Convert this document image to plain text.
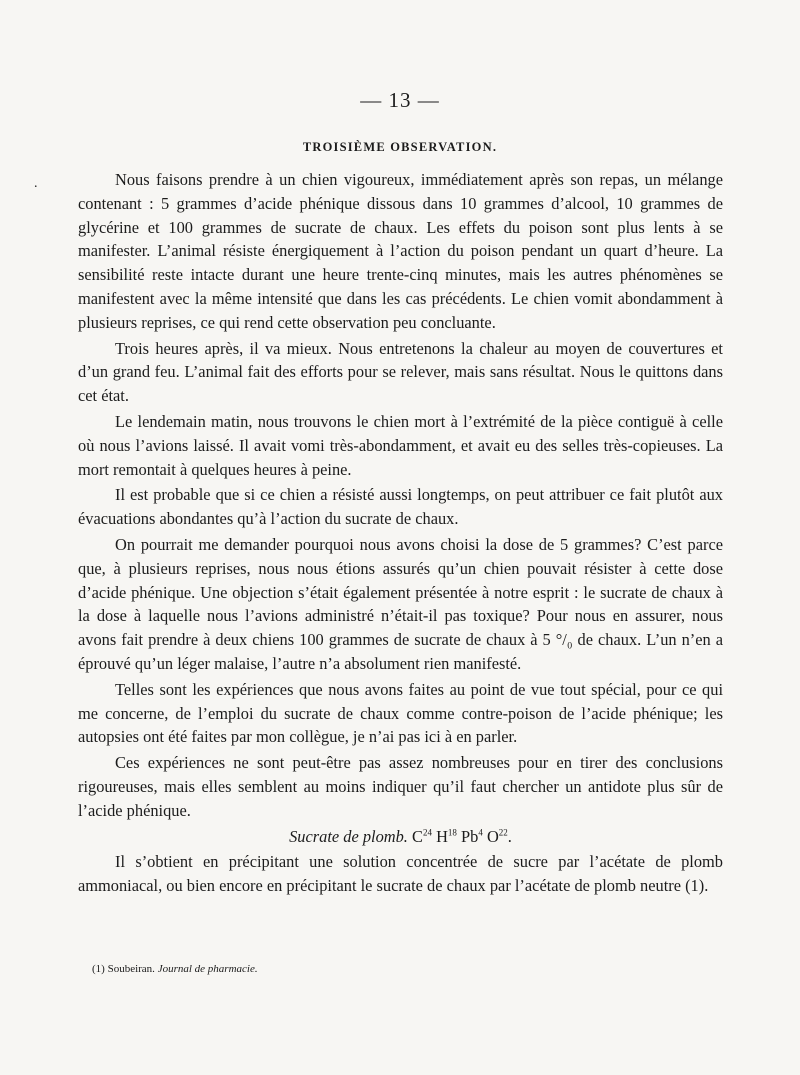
— 13 —
TROISIÈME OBSERVATION.
.	Nous faisons prendre à un chien vigoureux, immédiatement après son repas, un mélange contenant : 5 grammes d’acide phénique dissous dans 10 grammes d’alcool, 10 grammes de glycérine et 100 grammes de sucrate de chaux. Les effets du poison sont plus lents à se manifester. L’animal résiste énergiquement à l’action du poison pendant un quart d’heure. La sensibilité reste intacte durant une heure trente-cinq minutes, mais les autres phénomènes se manifestent avec la même intensité que dans les cas précédents. Le chien vomit abondamment à plusieurs reprises, ce qui rend cette observation peu concluante.

Trois heures après, il va mieux. Nous entretenons la chaleur au moyen de couvertures et d’un grand feu. L’animal fait des efforts pour se relever, mais sans résultat. Nous le quittons dans cet état.

Le lendemain matin, nous trouvons le chien mort à l’extrémité de la pièce contiguë à celle où nous l’avions laissé. Il avait vomi très-abondamment, et avait eu des selles très-copieuses. La mort remontait à quelques heures à peine.

Il est probable que si ce chien a résisté aussi longtemps, on peut attribuer ce fait plutôt aux évacuations abondantes qu’à l’action du sucrate de chaux.

On pourrait me demander pourquoi nous avons choisi la dose de 5 grammes? C’est parce que, à plusieurs reprises, nous nous étions assurés qu’un chien pouvait résister à cette dose d’acide phénique. Une objection s’était également présentée à notre esprit : le sucrate de chaux à la dose à laquelle nous l’avions administré n’était-il pas toxique? Pour nous en assurer, nous avons fait prendre à deux chiens 100 grammes de sucrate de chaux à 5 °/₀ de chaux. L’un n’en a éprouvé qu’un léger malaise, l’autre n’a absolument rien manifesté.

Telles sont les expériences que nous avons faites au point de vue tout spécial, pour ce qui me concerne, de l’emploi du sucrate de chaux comme contre-poison de l’acide phénique; les autopsies ont été faites par mon collègue, je n’ai pas ici à en parler.

Ces expériences ne sont peut-être pas assez nombreuses pour en tirer des conclusions rigoureuses, mais elles semblent au moins indiquer qu’il faut chercher un antidote plus sûr de l’acide phénique.

Sucrate de plomb. $C^{24}$ $H^{18}$ Pb$^4$ $O^{22}$.

Il s’obtient en précipitant une solution concentrée de sucre par l’acétate de plomb ammoniacal, ou bien encore en précipitant le sucrate de chaux par l’acétate de plomb neutre (1).

(1) Soubeiran. Journal de pharmacie.
